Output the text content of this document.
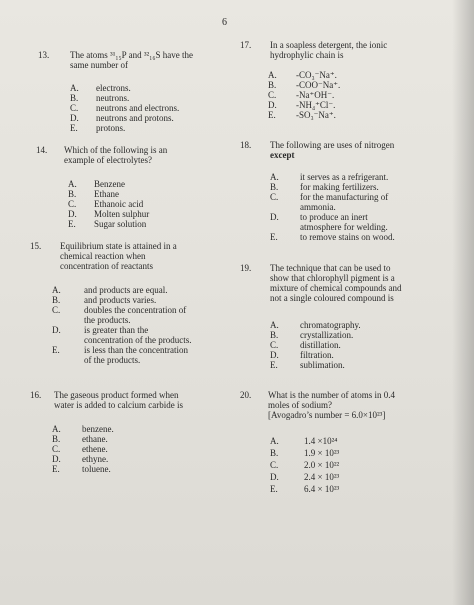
6
13. The atoms ³¹₁₅P and ³²₁₆S have the
same number of
A. electrons.
B. neutrons.
C. neutrons and electrons.
D. neutrons and protons.
E. protons.
14. Which of the following is an
example of electrolytes?
A. Benzene
B. Ethane
C. Ethanoic acid
D. Molten sulphur
E. Sugar solution
15. Equilibrium state is attained in a
chemical reaction when
concentration of reactants
A.	and products are equal.
B.	and products varies.
C.	doubles the concentration of
the products.
D.	is greater than the
concentration of the products.
E.	is less than the concentration
of the products.
16. The gaseous product formed when
water is added to calcium carbide is
A. benzene.
B. ethane.
C. ethene.
D. ethyne.
E. toluene.
17. In a soapless detergent, the ionic
hydrophylic chain is
A. -CO₃⁻Na⁺.
B. -COO⁻Na⁺.
C. -Na⁺OH⁻.
D. -NH₄⁺Cl⁻.
E. -SO₃⁻Na⁺.
18. The following are uses of nitrogen
except
A. it serves as a refrigerant.
B. for making fertilizers.
C. for the manufacturing of
ammonia.
D. to produce an inert
atmosphere for welding.
E. to remove stains on wood.
19. The technique that can be used to
show that chlorophyll pigment is a
mixture of chemical compounds and
not a single coloured compound is
A. chromatography.
B. crystallization.
C. distillation.
D. filtration.
E. sublimation.
20. What is the number of atoms in 0.4
moles of sodium?
[Avogadro’s number = 6.0×10²³]
A.	1.4 ×10²⁴
B.	1.9 × 10²³
C.	2.0 × 10²²
D.	2.4 × 10²³
E.	6.4 × 10²³
